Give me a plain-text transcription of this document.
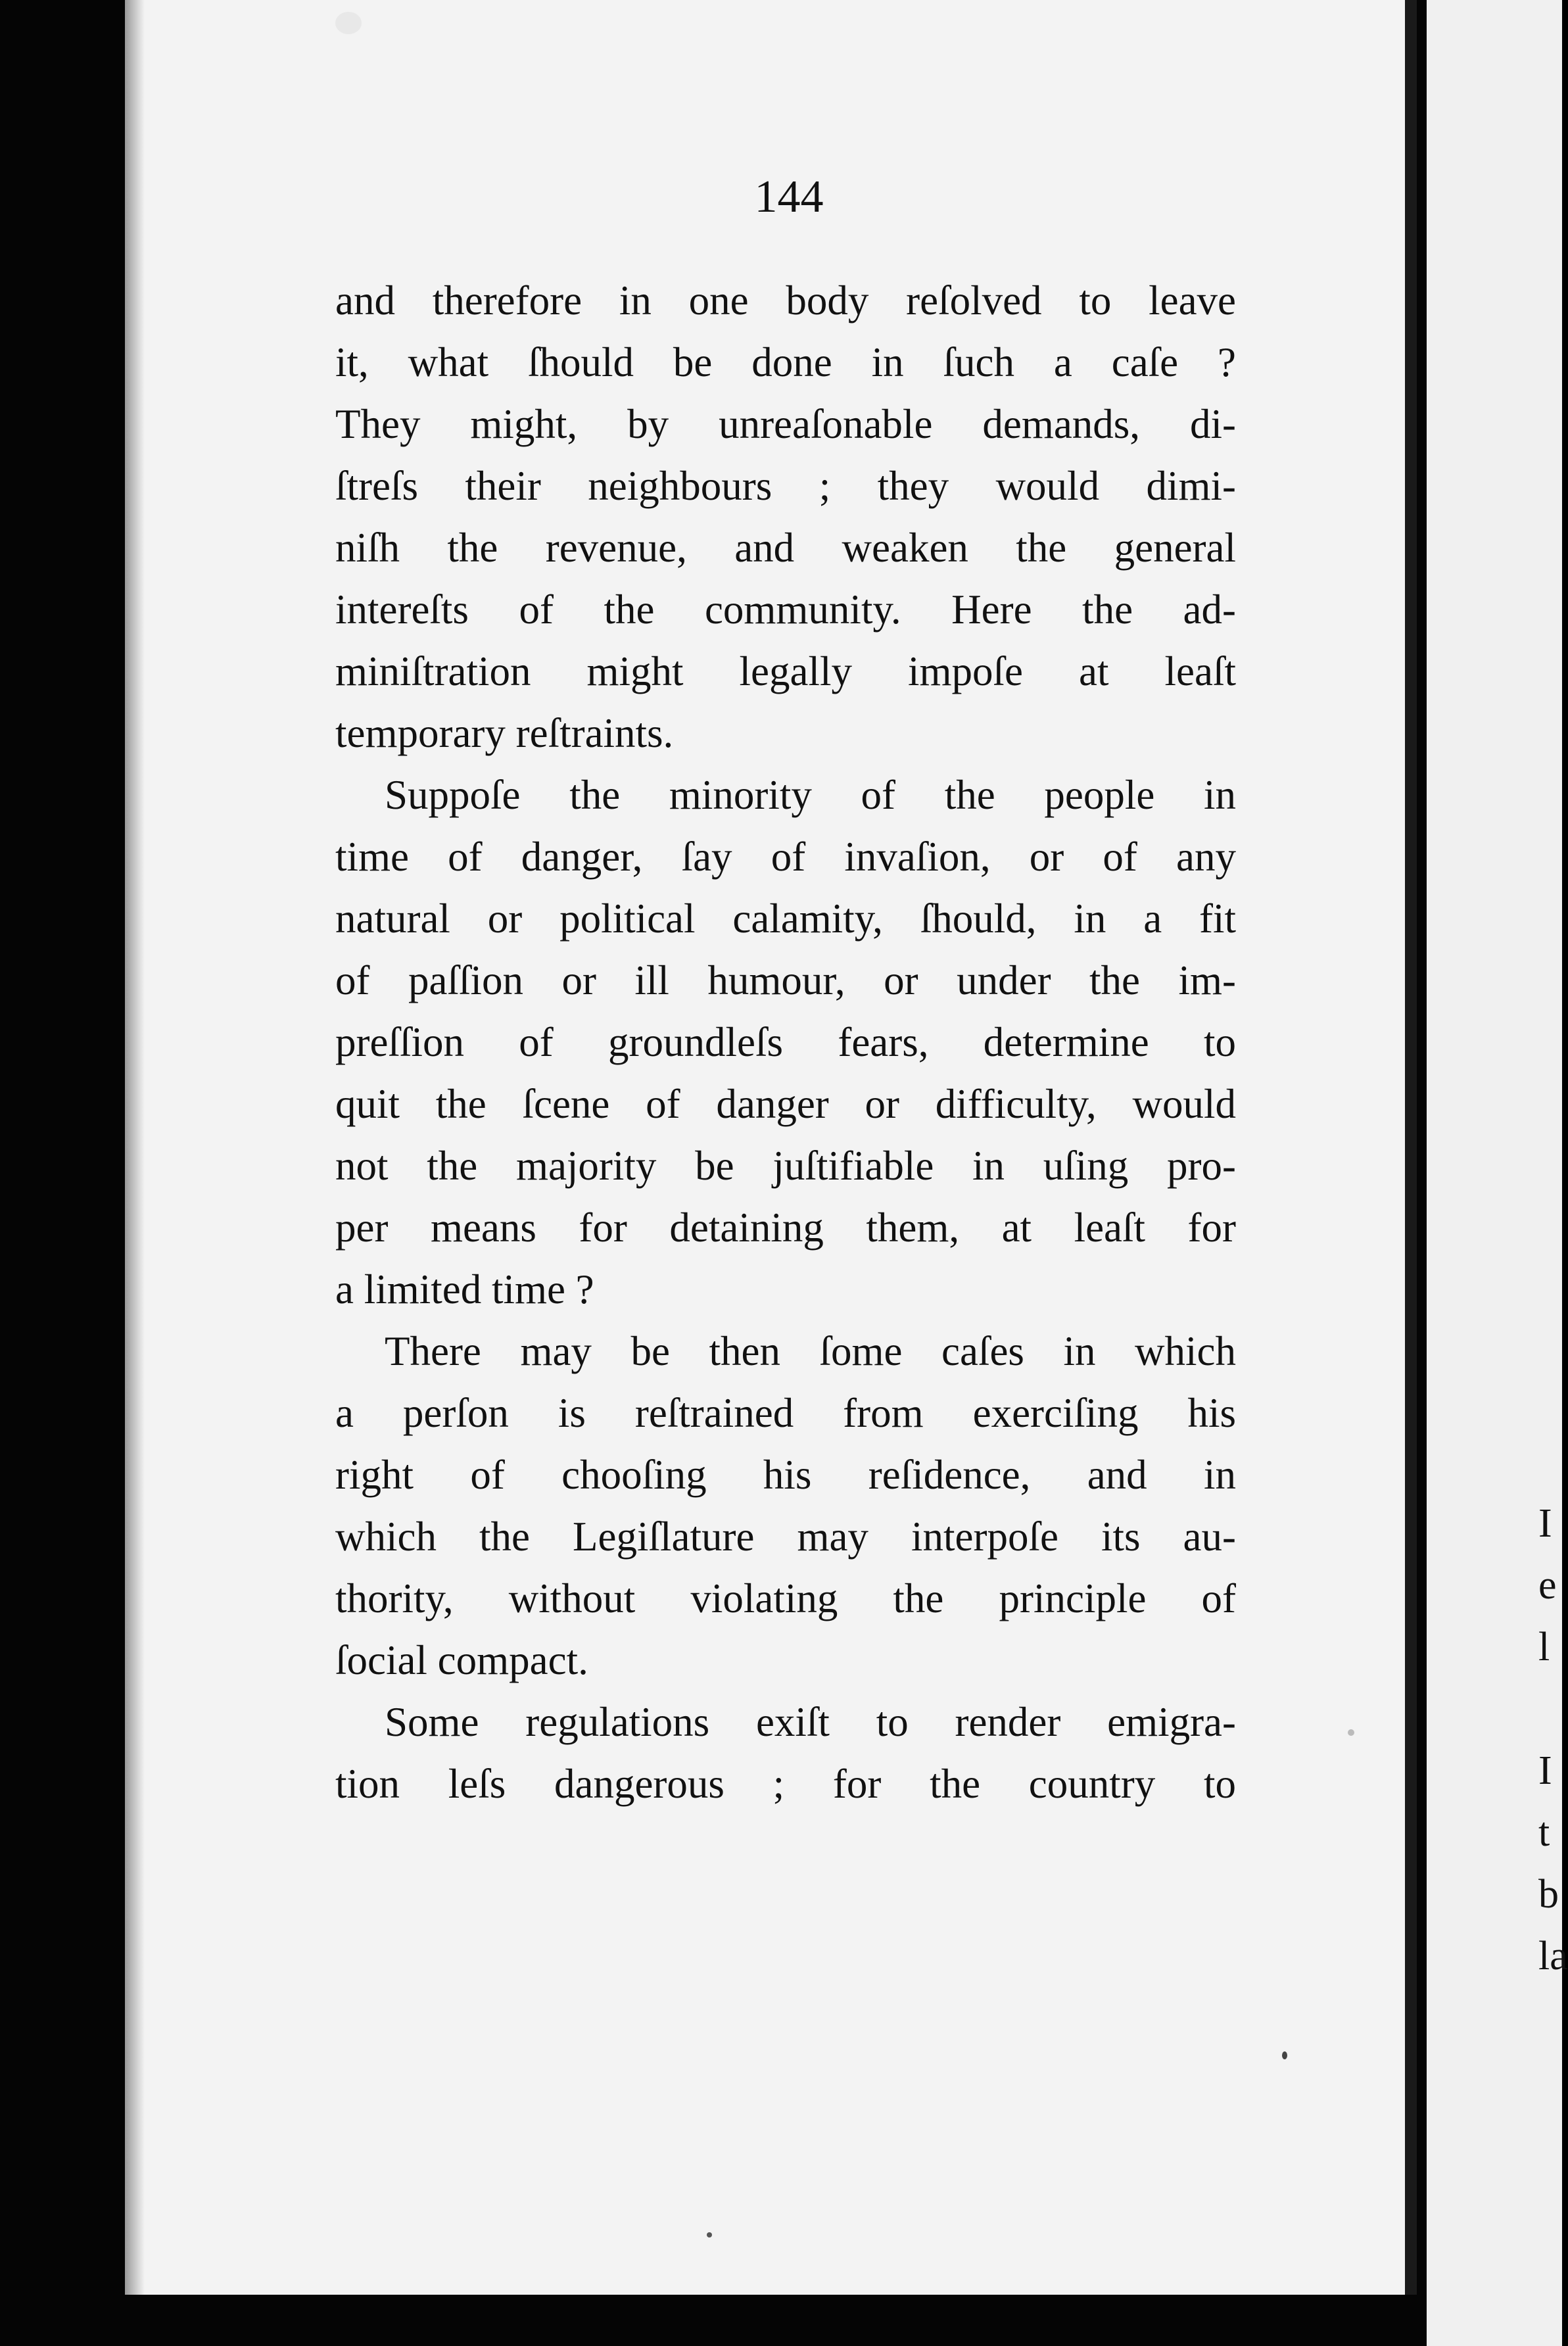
I
e
l
I
t
b
la
144
and therefore in one body reſolved to leave
it, what ſhould be done in ſuch a caſe ?
They might, by unreaſonable demands, di-
ſtreſs their neighbours ; they would dimi-
niſh the revenue, and weaken the general
intereſts of the community. Here the ad-
miniſtration might legally impoſe at leaſt
temporary reſtraints.
Suppoſe the minority of the people in
time of danger, ſay of invaſion, or of any
natural or political calamity, ſhould, in a fit
of paſſion or ill humour, or under the im-
preſſion of groundleſs fears, determine to
quit the ſcene of danger or difficulty, would
not the majority be juſtifiable in uſing pro-
per means for detaining them, at leaſt for
a limited time ?
There may be then ſome caſes in which
a perſon is reſtrained from exerciſing his
right of chooſing his reſidence, and in
which the Legiſlature may interpoſe its au-
thority, without violating the principle of
ſocial compact.
Some regulations exiſt to render emigra-
tion leſs dangerous ; for the country to
